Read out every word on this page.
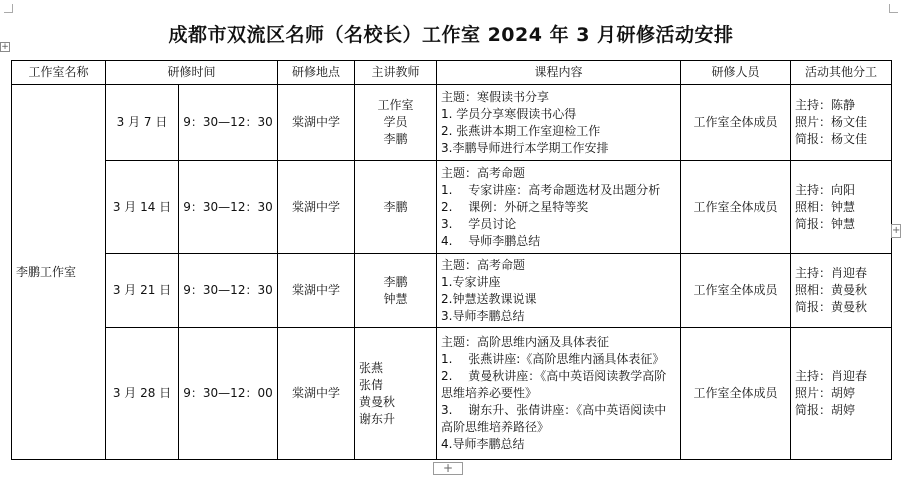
成都市双流区名师（名校长）工作室 2024 年 3 月研修活动安排
+
工作室名称	研修时间		研修地点	主讲教师	课程内容	研修人员	活动其他分工
李鹏工作室	3 月 7 日	9：30—12：30	棠湖中学	工作室
学员
李鹏	主题：寒假读书分享
1. 学员分享寒假读书心得
2. 张燕讲本期工作室迎检工作
3.李鹏导师进行本学期工作安排	工作室全体成员	主持：陈静
照片：杨文佳
简报：杨文佳

	3 月 14 日	9：30—12：30	棠湖中学	李鹏	主题：高考命题
1.　 专家讲座：高考命题选材及出题分析
2.　 课例：外研之星特等奖
3.　 学员讨论
4.　 导师李鹏总结	工作室全体成员	主持：向阳
照相：钟慧
简报：钟慧

	3 月 21 日	9：30—12：30	棠湖中学	李鹏
钟慧	主题：高考命题
1.专家讲座
2.钟慧送教课说课
3.导师李鹏总结	工作室全体成员	主持：肖迎春
照相：黄曼秋
简报：黄曼秋

	3 月 28 日	9：30—12：00	棠湖中学	张燕
张倩
黄曼秋
谢东升	主题：高阶思维内涵及具体表征
1.　 张燕讲座:《高阶思维内涵具体表征》
2.　 黄曼秋讲座：《高中英语阅读教学高阶思维培养必要性》
3.　 谢东升、张倩讲座：《高中英语阅读中高阶思维培养路径》
4.导师李鹏总结	工作室全体成员	主持：肖迎春
照片：胡婷
简报：胡婷
+
+
